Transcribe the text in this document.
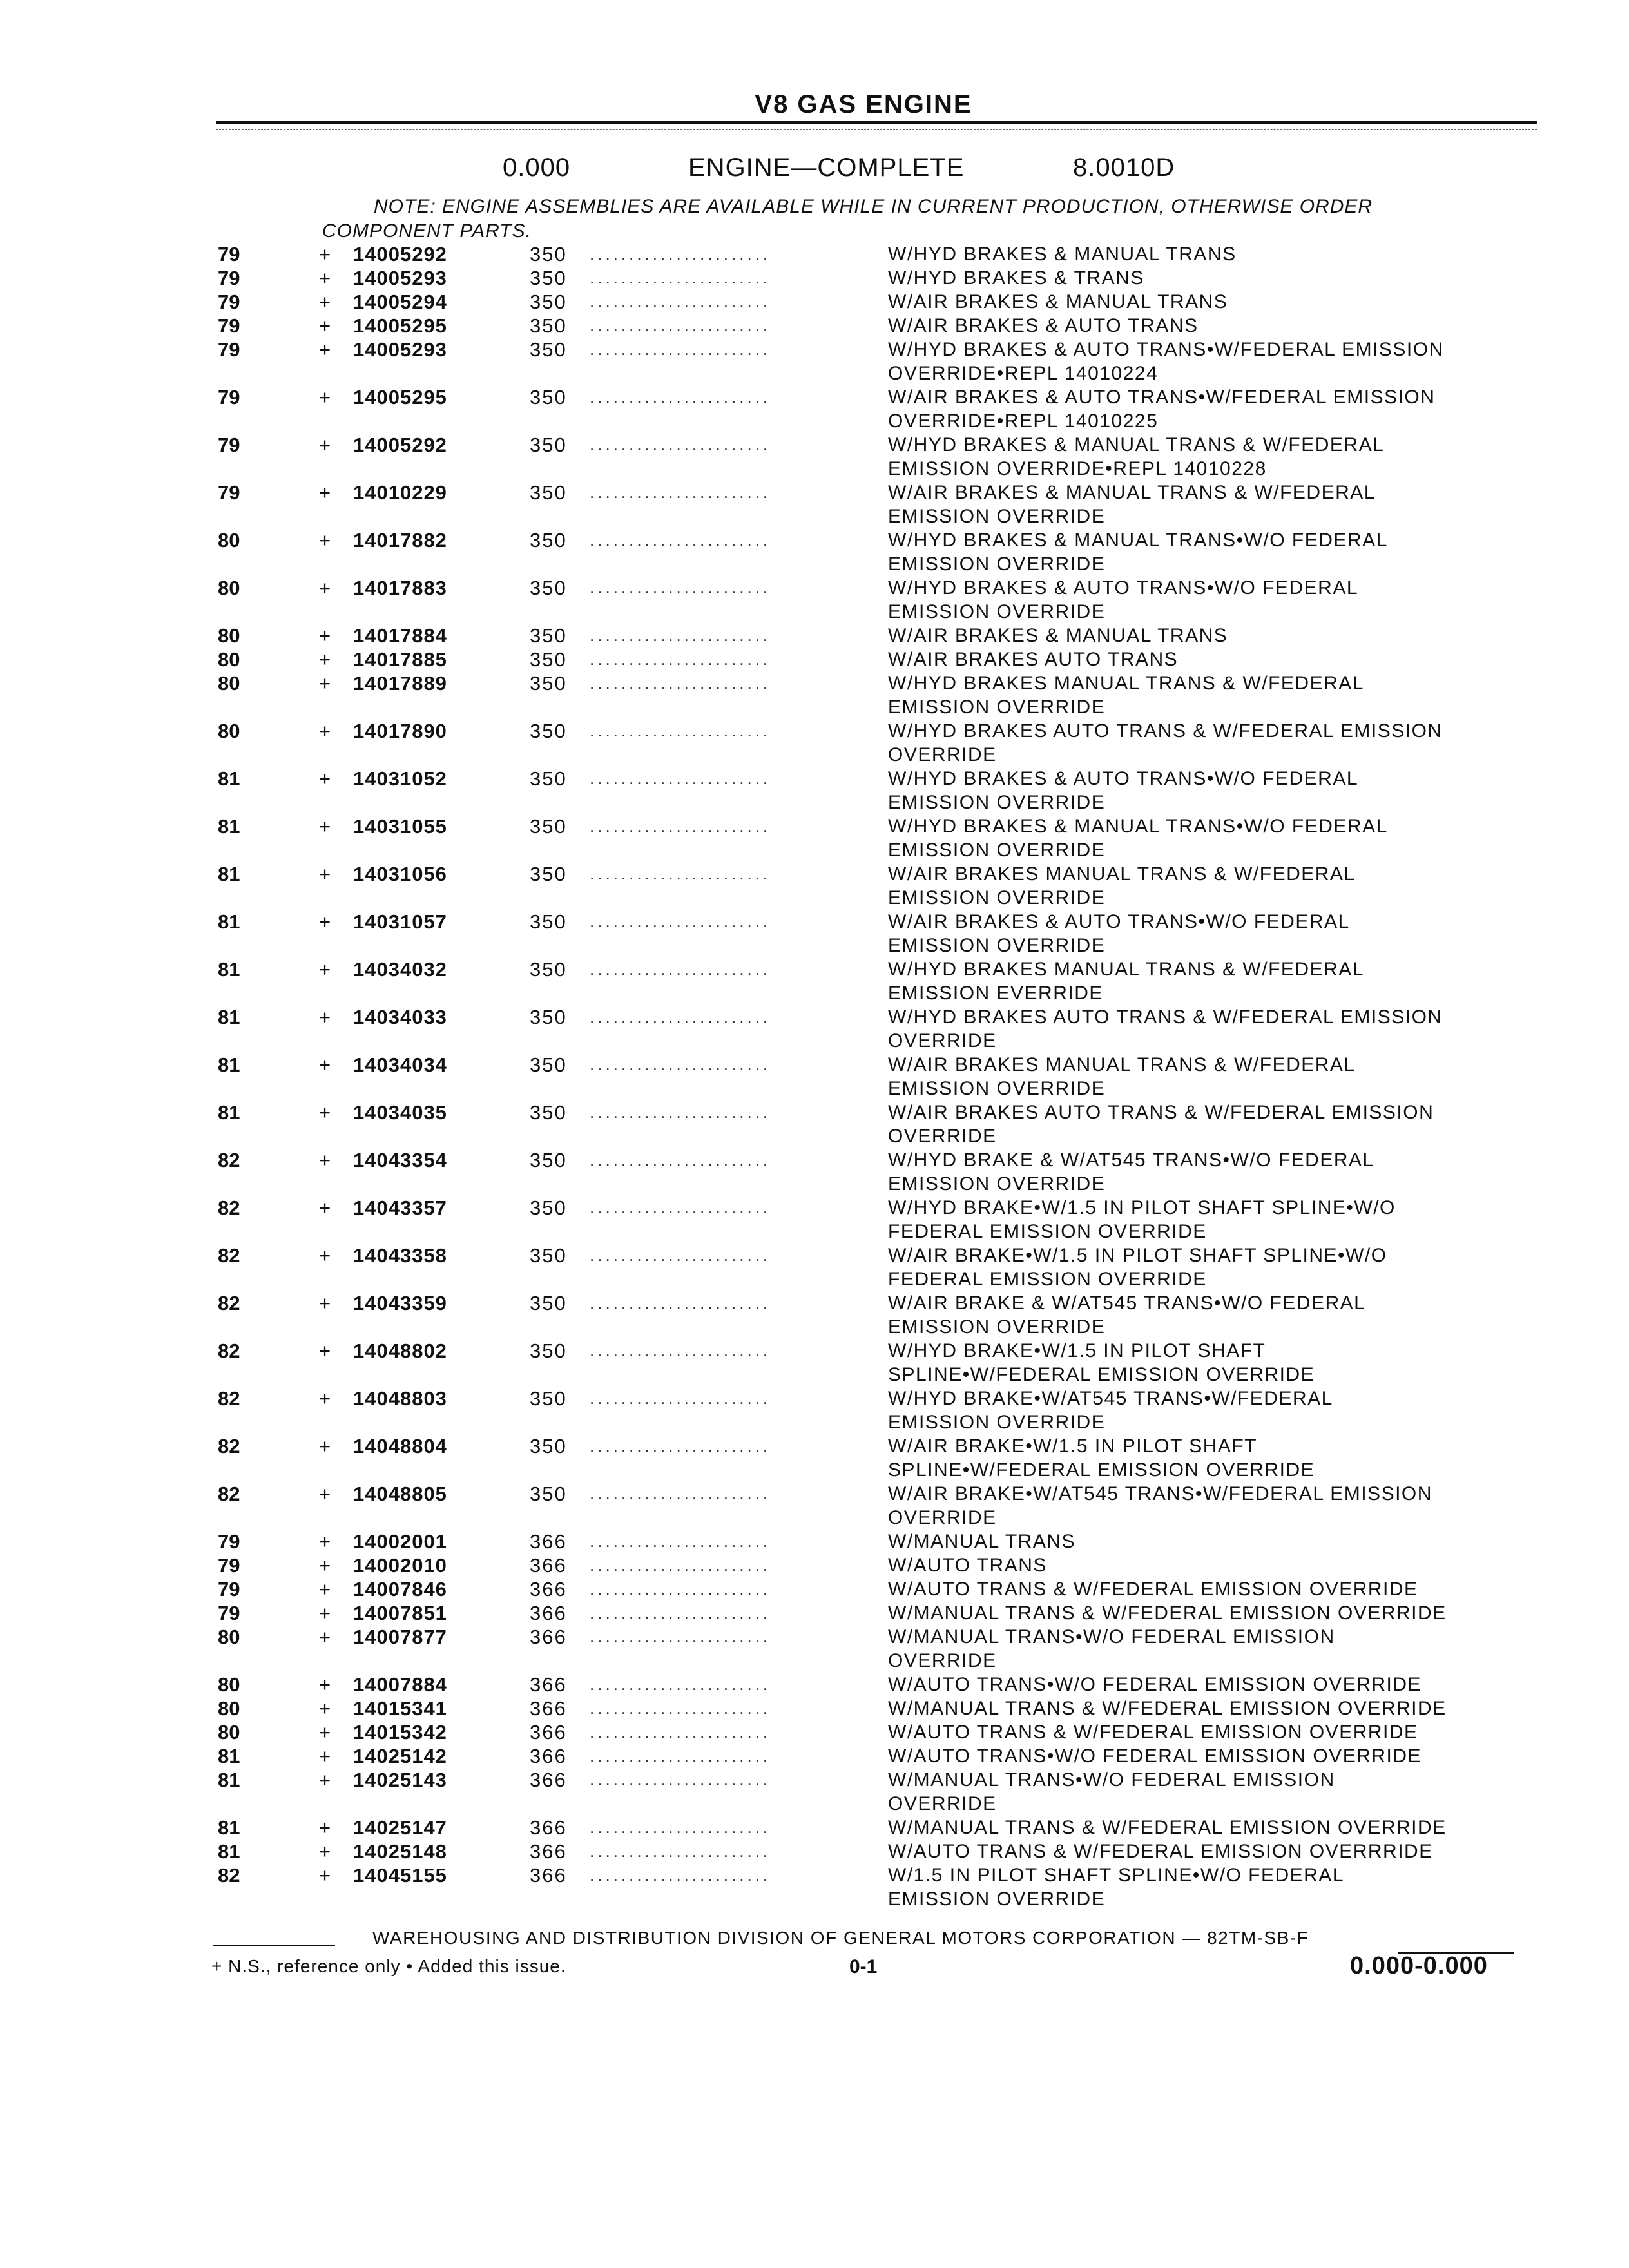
V8 GAS ENGINE
0.000	ENGINE—COMPLETE	8.0010D
NOTE: ENGINE ASSEMBLIES ARE AVAILABLE WHILE IN CURRENT PRODUCTION, OTHERWISE ORDER
COMPONENT PARTS.
79	+ 14005292	350 .......................	W/HYD BRAKES & MANUAL TRANS
79	+ 14005293	350 .......................	W/HYD BRAKES & TRANS
79	+ 14005294	350 .......................	W/AIR BRAKES & MANUAL TRANS
79	+ 14005295	350 .......................	W/AIR BRAKES & AUTO TRANS
79	+ 14005293	350 .......................	W/HYD BRAKES & AUTO TRANS•W/FEDERAL EMISSION
OVERRIDE•REPL 14010224
79	+ 14005295	350 .......................	W/AIR BRAKES & AUTO TRANS•W/FEDERAL EMISSION
OVERRIDE•REPL 14010225
79	+ 14005292	350 .......................	W/HYD BRAKES & MANUAL TRANS & W/FEDERAL
EMISSION OVERRIDE•REPL 14010228
79	+ 14010229	350 .......................	W/AIR BRAKES & MANUAL TRANS & W/FEDERAL
EMISSION OVERRIDE
80	+ 14017882	350 .......................	W/HYD BRAKES & MANUAL TRANS•W/O FEDERAL
EMISSION OVERRIDE
80	+ 14017883	350 .......................	W/HYD BRAKES & AUTO TRANS•W/O FEDERAL
EMISSION OVERRIDE
80	+ 14017884	350 .......................	W/AIR BRAKES & MANUAL TRANS
80	+ 14017885	350 .......................	W/AIR BRAKES AUTO TRANS
80	+ 14017889	350 .......................	W/HYD BRAKES MANUAL TRANS & W/FEDERAL
EMISSION OVERRIDE
80	+ 14017890	350 .......................	W/HYD BRAKES AUTO TRANS & W/FEDERAL EMISSION
OVERRIDE
81	+ 14031052	350 .......................	W/HYD BRAKES & AUTO TRANS•W/O FEDERAL
EMISSION OVERRIDE
81	+ 14031055	350 .......................	W/HYD BRAKES & MANUAL TRANS•W/O FEDERAL
EMISSION OVERRIDE
81	+ 14031056	350 .......................	W/AIR BRAKES MANUAL TRANS & W/FEDERAL
EMISSION OVERRIDE
81	+ 14031057	350 .......................	W/AIR BRAKES & AUTO TRANS•W/O FEDERAL
EMISSION OVERRIDE
81	+ 14034032	350 .......................	W/HYD BRAKES MANUAL TRANS & W/FEDERAL
EMISSION EVERRIDE
81	+ 14034033	350 .......................	W/HYD BRAKES AUTO TRANS & W/FEDERAL EMISSION
OVERRIDE
81	+ 14034034	350 .......................	W/AIR BRAKES MANUAL TRANS & W/FEDERAL
EMISSION OVERRIDE
81	+ 14034035	350 .......................	W/AIR BRAKES AUTO TRANS & W/FEDERAL EMISSION
OVERRIDE
82	+ 14043354	350 .......................	W/HYD BRAKE & W/AT545 TRANS•W/O FEDERAL
EMISSION OVERRIDE
82	+ 14043357	350 .......................	W/HYD BRAKE•W/1.5 IN PILOT SHAFT SPLINE•W/O
FEDERAL EMISSION OVERRIDE
82	+ 14043358	350 .......................	W/AIR BRAKE•W/1.5 IN PILOT SHAFT SPLINE•W/O
FEDERAL EMISSION OVERRIDE
82	+ 14043359	350 .......................	W/AIR BRAKE & W/AT545 TRANS•W/O FEDERAL
EMISSION OVERRIDE
82	+ 14048802	350 .......................	W/HYD BRAKE•W/1.5 IN PILOT SHAFT
SPLINE•W/FEDERAL EMISSION OVERRIDE
82	+ 14048803	350 .......................	W/HYD BRAKE•W/AT545 TRANS•W/FEDERAL
EMISSION OVERRIDE
82	+ 14048804	350 .......................	W/AIR BRAKE•W/1.5 IN PILOT SHAFT
SPLINE•W/FEDERAL EMISSION OVERRIDE
82	+ 14048805	350 .......................	W/AIR BRAKE•W/AT545 TRANS•W/FEDERAL EMISSION
OVERRIDE
79	+ 14002001	366 .......................	W/MANUAL TRANS
79	+ 14002010	366 .......................	W/AUTO TRANS
79	+ 14007846	366 .......................	W/AUTO TRANS & W/FEDERAL EMISSION OVERRIDE
79	+ 14007851	366 .......................	W/MANUAL TRANS & W/FEDERAL EMISSION OVERRIDE
80	+ 14007877	366 .......................	W/MANUAL TRANS•W/O FEDERAL EMISSION
OVERRIDE
80	+ 14007884	366 .......................	W/AUTO TRANS•W/O FEDERAL EMISSION OVERRIDE
80	+ 14015341	366 .......................	W/MANUAL TRANS & W/FEDERAL EMISSION OVERRIDE
80	+ 14015342	366 .......................	W/AUTO TRANS & W/FEDERAL EMISSION OVERRIDE
81	+ 14025142	366 .......................	W/AUTO TRANS•W/O FEDERAL EMISSION OVERRIDE
81	+ 14025143	366 .......................	W/MANUAL TRANS•W/O FEDERAL EMISSION
OVERRIDE
81	+ 14025147	366 .......................	W/MANUAL TRANS & W/FEDERAL EMISSION OVERRIDE
81	+ 14025148	366 .......................	W/AUTO TRANS & W/FEDERAL EMISSION OVERRRIDE
82	+ 14045155	366 .......................	W/1.5 IN PILOT SHAFT SPLINE•W/O FEDERAL
EMISSION OVERRIDE
WAREHOUSING AND DISTRIBUTION DIVISION OF GENERAL MOTORS CORPORATION — 82TM-SB-F
+ N.S., reference only • Added this issue.	0-1	0.000-0.000
